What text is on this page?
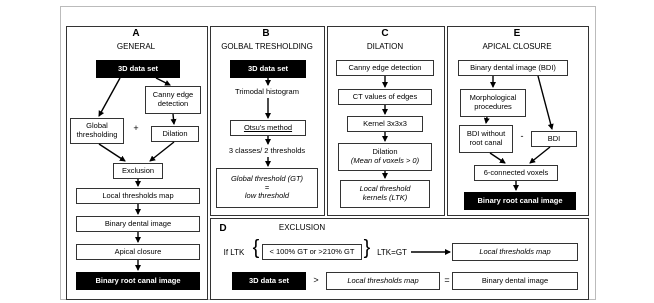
A
GENERAL
3D data set
Canny edge detection
Global thresholding
+
Dilation
Exclusion
Local thresholds map
Binary dental image
Apical closure
Binary root canal image
B
GOLBAL TRESHOLDING
3D data set
Trimodal histogram
Otsu's method
3 classes/ 2 thresholds
Global threshold (GT)
=
low threshold
C
DILATION
Canny edge detection
CT values of edges
Kernel 3x3x3
Dilation
(Mean of voxels > 0)
Local threshold
kernels (LTK)
E
APICAL CLOSURE
Binary dental image (BDI)
Morphological procedures
BDI without root canal
-	BDI
6-connected voxels
Binary root canal image
D	EXCLUSION
If LTK {	< 100% GT or >210% GT } LTK=GT	Local thresholds map
3D data set	>	Local thresholds map	=	Binary dental image
